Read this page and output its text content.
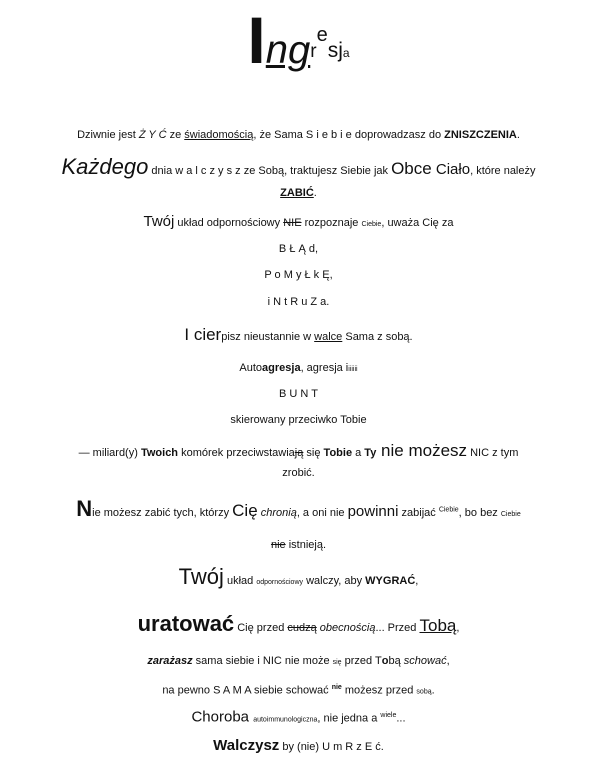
Ingresja
Dziwnie jest Ż Y Ć ze świadomością, że Sama S i e b i e doprowadzasz do ZNISZCZENIA.
Każdego dnia w a l c z y s z ze Sobą, traktujesz Siebie jak Obce Ciało, które należy
ZABIĆ.
Twój układ odpornościowy NIE rozpoznaje Ciebie, uważa Cię za
B Ł Ą d,
P o M y Ł k Ę,
i N t R u Z a.
I cierpisz nieustannie w walce Sama z sobą.
Autoagresja, agresja iiiiiii
B U N T
skierowany przeciwko Tobie
— miliard(y) Twoich komórek przeciwstawiają się Tobie a Ty nie możesz NIC z tym
zrobić.
Nie możesz zabić tych, którzy Cię chronią, a oni nie powinni zabijać $^{Ciebie}$, bo bez Ciebie
nie istnieją.
Twój układ odpornościowy walczy, aby WYGRAĆ,
uratować Cię przed cudzą obecnością... Przed Tobą,
zarażasz sama siebie i NIC nie może się przed Tobą schować,
na pewno S A M A siebie schować $^{nie}$ możesz przed sobą.
Choroba autoimmunologiczna, nie jedna a $^{wiele}$...
Walczysz by (nie) U m R z E ć.
